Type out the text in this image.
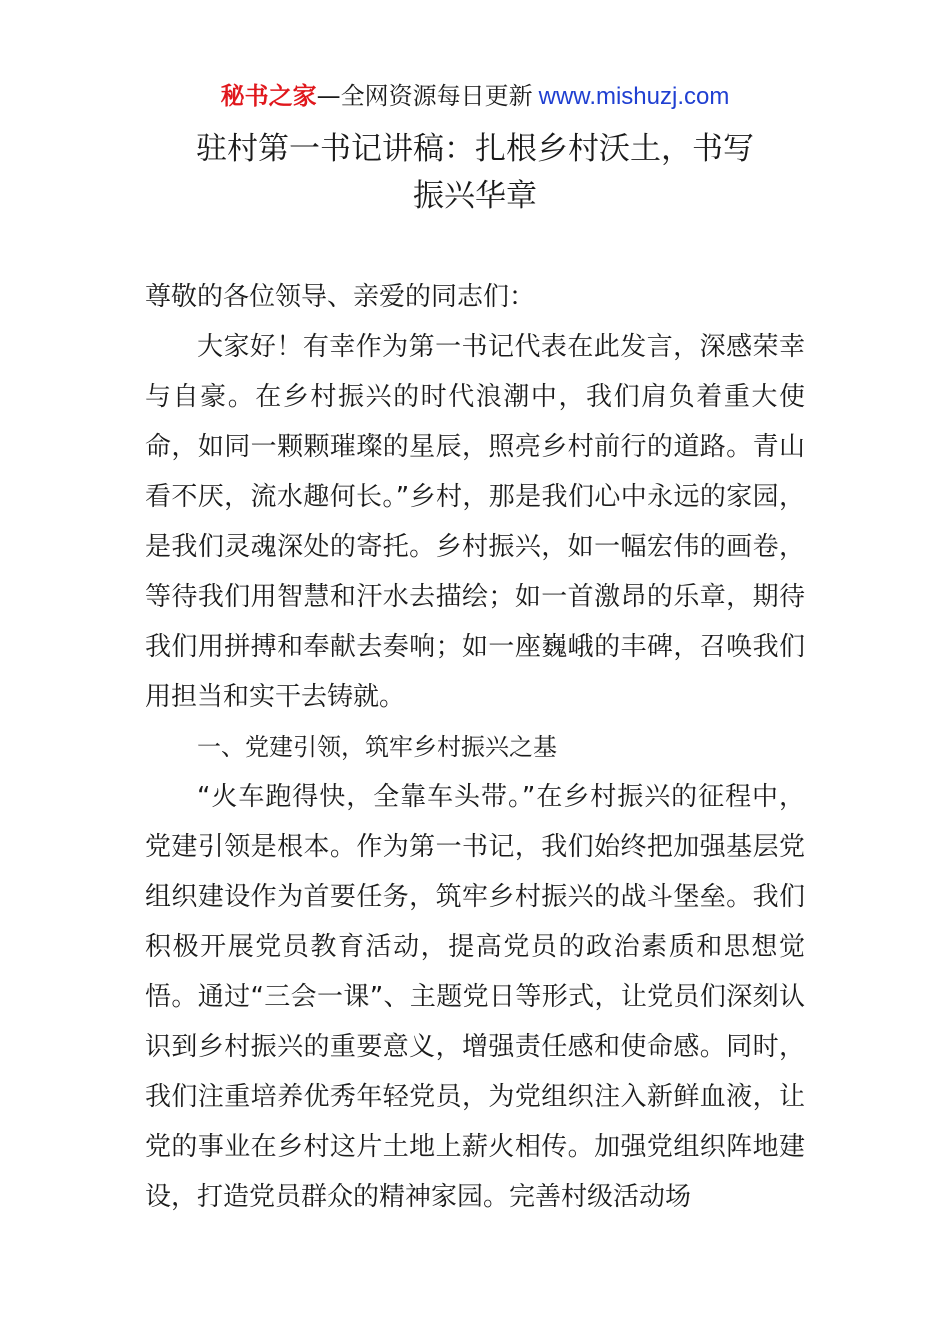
秘书之家—全网资源每日更新 www.mishuzj.com
驻村第一书记讲稿：扎根乡村沃土，书写
振兴华章

尊敬的各位领导、亲爱的同志们：

大家好！有幸作为第一书记代表在此发言，深感荣幸与自豪。在乡村振兴的时代浪潮中，我们肩负着重大使命，如同一颗颗璀璨的星辰，照亮乡村前行的道路。青山看不厌，流水趣何长。”乡村，那是我们心中永远的家园，是我们灵魂深处的寄托。乡村振兴，如一幅宏伟的画卷，等待我们用智慧和汗水去描绘；如一首激昂的乐章，期待我们用拼搏和奉献去奏响；如一座巍峨的丰碑，召唤我们用担当和实干去铸就。

一、党建引领，筑牢乡村振兴之基

“火车跑得快，全靠车头带。”在乡村振兴的征程中，党建引领是根本。作为第一书记，我们始终把加强基层党组织建设作为首要任务，筑牢乡村振兴的战斗堡垒。我们积极开展党员教育活动，提高党员的政治素质和思想觉悟。通过“三会一课”、主题党日等形式，让党员们深刻认识到乡村振兴的重要意义，增强责任感和使命感。同时，我们注重培养优秀年轻党员，为党组织注入新鲜血液，让党的事业在乡村这片土地上薪火相传。加强党组织阵地建设，打造党员群众的精神家园。完善村级活动场
